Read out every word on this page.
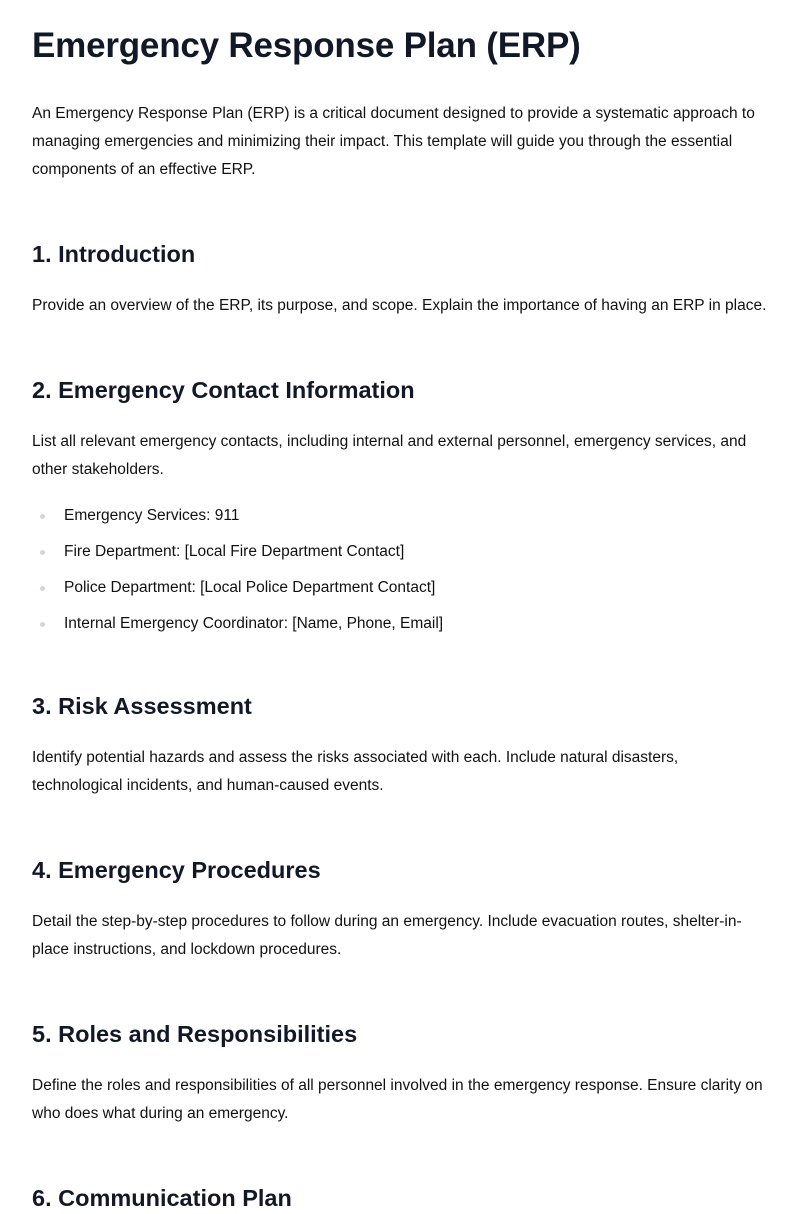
Emergency Response Plan (ERP)

An Emergency Response Plan (ERP) is a critical document designed to provide a systematic approach to managing emergencies and minimizing their impact. This template will guide you through the essential components of an effective ERP.

1. Introduction

Provide an overview of the ERP, its purpose, and scope. Explain the importance of having an ERP in place.

2. Emergency Contact Information

List all relevant emergency contacts, including internal and external personnel, emergency services, and other stakeholders.

Emergency Services: 911
Fire Department: [Local Fire Department Contact]
Police Department: [Local Police Department Contact]
Internal Emergency Coordinator: [Name, Phone, Email]
3. Risk Assessment

Identify potential hazards and assess the risks associated with each. Include natural disasters, technological incidents, and human-caused events.

4. Emergency Procedures

Detail the step-by-step procedures to follow during an emergency. Include evacuation routes, shelter-in-place instructions, and lockdown procedures.

5. Roles and Responsibilities

Define the roles and responsibilities of all personnel involved in the emergency response. Ensure clarity on who does what during an emergency.

6. Communication Plan
